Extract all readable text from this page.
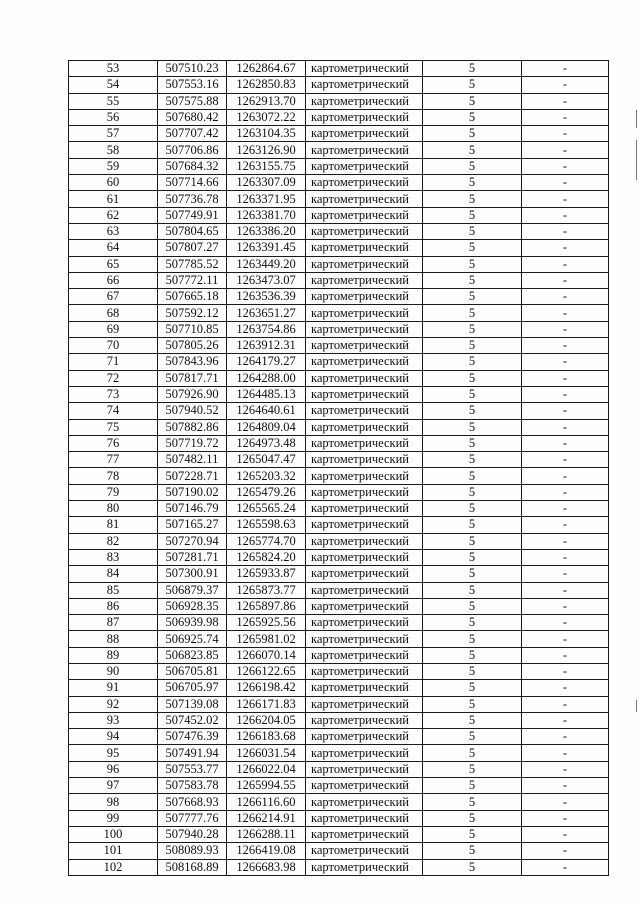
53	507510.23	1262864.67	картометрический	5	-
54	507553.16	1262850.83	картометрический	5	-
55	507575.88	1262913.70	картометрический	5	-
56	507680.42	1263072.22	картометрический	5	-
57	507707.42	1263104.35	картометрический	5	-
58	507706.86	1263126.90	картометрический	5	-
59	507684.32	1263155.75	картометрический	5	-
60	507714.66	1263307.09	картометрический	5	-
61	507736.78	1263371.95	картометрический	5	-
62	507749.91	1263381.70	картометрический	5	-
63	507804.65	1263386.20	картометрический	5	-
64	507807.27	1263391.45	картометрический	5	-
65	507785.52	1263449.20	картометрический	5	-
66	507772.11	1263473.07	картометрический	5	-
67	507665.18	1263536.39	картометрический	5	-
68	507592.12	1263651.27	картометрический	5	-
69	507710.85	1263754.86	картометрический	5	-
70	507805.26	1263912.31	картометрический	5	-
71	507843.96	1264179.27	картометрический	5	-
72	507817.71	1264288.00	картометрический	5	-
73	507926.90	1264485.13	картометрический	5	-
74	507940.52	1264640.61	картометрический	5	-
75	507882.86	1264809.04	картометрический	5	-
76	507719.72	1264973.48	картометрический	5	-
77	507482.11	1265047.47	картометрический	5	-
78	507228.71	1265203.32	картометрический	5	-
79	507190.02	1265479.26	картометрический	5	-
80	507146.79	1265565.24	картометрический	5	-
81	507165.27	1265598.63	картометрический	5	-
82	507270.94	1265774.70	картометрический	5	-
83	507281.71	1265824.20	картометрический	5	-
84	507300.91	1265933.87	картометрический	5	-
85	506879.37	1265873.77	картометрический	5	-
86	506928.35	1265897.86	картометрический	5	-
87	506939.98	1265925.56	картометрический	5	-
88	506925.74	1265981.02	картометрический	5	-
89	506823.85	1266070.14	картометрический	5	-
90	506705.81	1266122.65	картометрический	5	-
91	506705.97	1266198.42	картометрический	5	-
92	507139.08	1266171.83	картометрический	5	-
93	507452.02	1266204.05	картометрический	5	-
94	507476.39	1266183.68	картометрический	5	-
95	507491.94	1266031.54	картометрический	5	-
96	507553.77	1266022.04	картометрический	5	-
97	507583.78	1265994.55	картометрический	5	-
98	507668.93	1266116.60	картометрический	5	-
99	507777.76	1266214.91	картометрический	5	-
100	507940.28	1266288.11	картометрический	5	-
101	508089.93	1266419.08	картометрический	5	-
102	508168.89	1266683.98	картометрический	5	-
